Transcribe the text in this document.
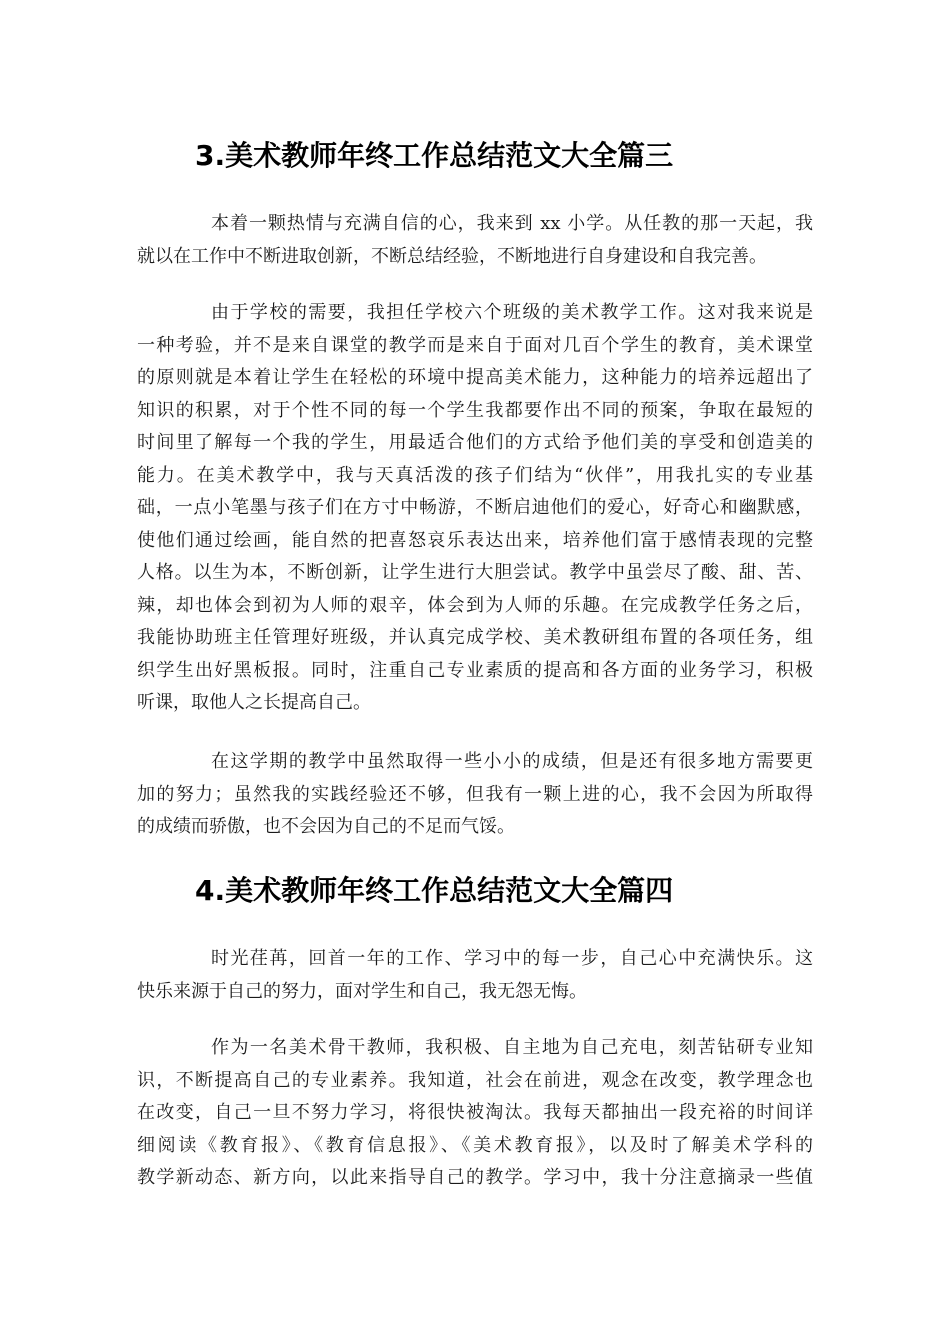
3.美术教师年终工作总结范文大全篇三
本着一颗热情与充满自信的心，我来到 xx 小学。从任教的那一天起，我
就以在工作中不断进取创新，不断总结经验，不断地进行自身建设和自我完善。
由于学校的需要，我担任学校六个班级的美术教学工作。这对我来说是
一种考验，并不是来自课堂的教学而是来自于面对几百个学生的教育，美术课堂
的原则就是本着让学生在轻松的环境中提高美术能力，这种能力的培养远超出了
知识的积累，对于个性不同的每一个学生我都要作出不同的预案，争取在最短的
时间里了解每一个我的学生，用最适合他们的方式给予他们美的享受和创造美的
能力。在美术教学中，我与天真活泼的孩子们结为“伙伴”，用我扎实的专业基
础，一点小笔墨与孩子们在方寸中畅游，不断启迪他们的爱心，好奇心和幽默感，
使他们通过绘画，能自然的把喜怒哀乐表达出来，培养他们富于感情表现的完整
人格。以生为本，不断创新，让学生进行大胆尝试。教学中虽尝尽了酸、甜、苦、
辣，却也体会到初为人师的艰辛，体会到为人师的乐趣。在完成教学任务之后，
我能协助班主任管理好班级，并认真完成学校、美术教研组布置的各项任务，组
织学生出好黑板报。同时，注重自己专业素质的提高和各方面的业务学习，积极
听课，取他人之长提高自己。
在这学期的教学中虽然取得一些小小的成绩，但是还有很多地方需要更
加的努力；虽然我的实践经验还不够，但我有一颗上进的心，我不会因为所取得
的成绩而骄傲，也不会因为自己的不足而气馁。
4.美术教师年终工作总结范文大全篇四
时光荏苒，回首一年的工作、学习中的每一步，自己心中充满快乐。这
快乐来源于自己的努力，面对学生和自己，我无怨无悔。
作为一名美术骨干教师，我积极、自主地为自己充电，刻苦钻研专业知
识，不断提高自己的专业素养。我知道，社会在前进，观念在改变，教学理念也
在改变，自己一旦不努力学习，将很快被淘汰。我每天都抽出一段充裕的时间详
细阅读《教育报》、《教育信息报》、《美术教育报》，以及时了解美术学科的
教学新动态、新方向，以此来指导自己的教学。学习中，我十分注意摘录一些值
